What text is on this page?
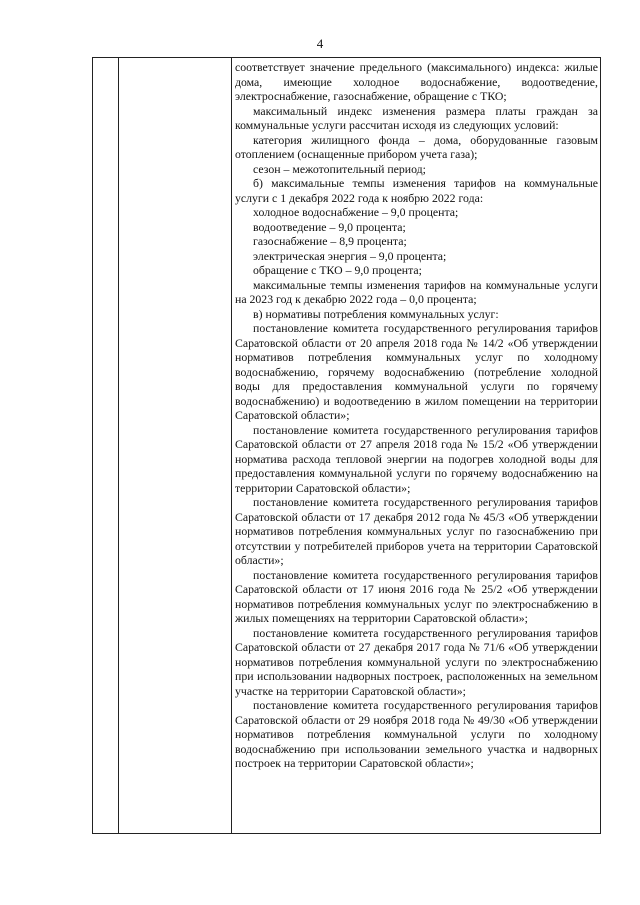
4

соответствует значение предельного (максимального) индекса: жилые дома, имеющие холодное водоснабжение, водоотведение, электроснабжение, газоснабжение, обращение с ТКО;

максимальный индекс изменения размера платы граждан за коммунальные услуги рассчитан исходя из следующих условий:

категория жилищного фонда – дома, оборудованные газовым отоплением (оснащенные прибором учета газа);

сезон – межотопительный период;

б) максимальные темпы изменения тарифов на коммунальные услуги с 1 декабря 2022 года к ноябрю 2022 года:

холодное водоснабжение – 9,0 процента;

водоотведение – 9,0 процента;

газоснабжение – 8,9 процента;

электрическая энергия – 9,0 процента;

обращение с ТКО – 9,0 процента;

максимальные темпы изменения тарифов на коммунальные услуги на 2023 год к декабрю 2022 года – 0,0 процента;

в) нормативы потребления коммунальных услуг:

постановление комитета государственного регулирования тарифов Саратовской области от 20 апреля 2018 года № 14/2 «Об утверждении нормативов потребления коммунальных услуг по холодному водоснабжению, горячему водоснабжению (потребление холодной воды для предоставления коммунальной услуги по горячему водоснабжению) и водоотведению в жилом помещении на территории Саратовской области»;

постановление комитета государственного регулирования тарифов Саратовской области от 27 апреля 2018 года № 15/2 «Об утверждении норматива расхода тепловой энергии на подогрев холодной воды для предоставления коммунальной услуги по горячему водоснабжению на территории Саратовской области»;

постановление комитета государственного регулирования тарифов Саратовской области от 17 декабря 2012 года № 45/3 «Об утверждении нормативов потребления коммунальных услуг по газоснабжению при отсутствии у потребителей приборов учета на территории Саратовской области»;

постановление комитета государственного регулирования тарифов Саратовской области от 17 июня 2016 года № 25/2 «Об утверждении нормативов потребления коммунальных услуг по электроснабжению в жилых помещениях на территории Саратовской области»;

постановление комитета государственного регулирования тарифов Саратовской области от 27 декабря 2017 года № 71/6 «Об утверждении нормативов потребления коммунальной услуги по электроснабжению при использовании надворных построек, расположенных на земельном участке на территории Саратовской области»;

постановление комитета государственного регулирования тарифов Саратовской области от 29 ноября 2018 года № 49/30 «Об утверждении нормативов потребления коммунальной услуги по холодному водоснабжению при использовании земельного участка и надворных построек на территории Саратовской области»;
